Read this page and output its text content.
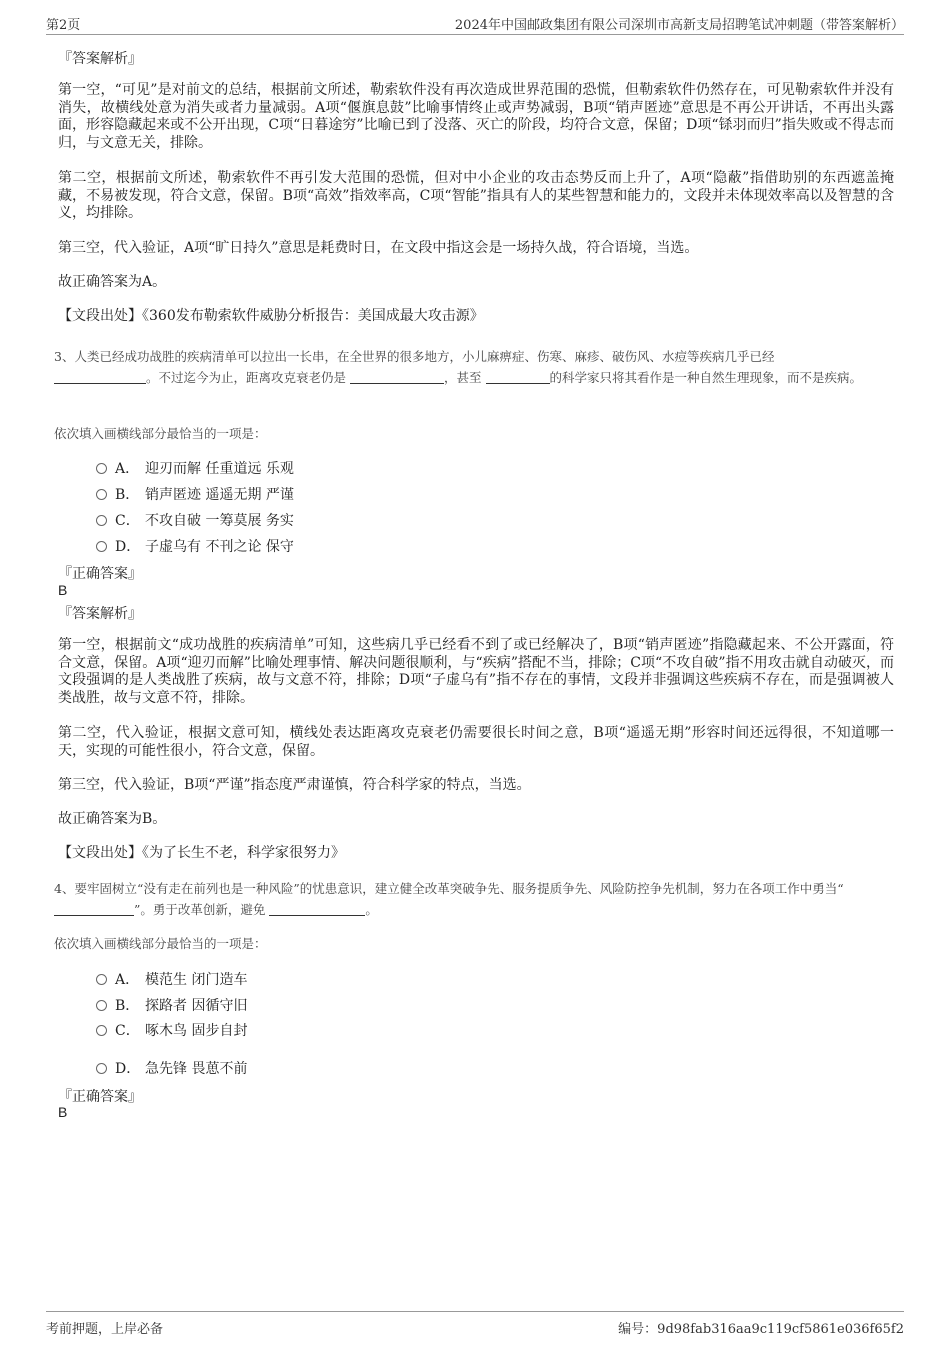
第2页	2024年中国邮政集团有限公司深圳市高新支局招聘笔试冲刺题（带答案解析）
『答案解析』
第一空，“可见”是对前文的总结，根据前文所述，勒索软件没有再次造成世界范围的恐慌，但勒索软件仍然存在，可见勒索软件并没有消失，故横线处意为消失或者力量减弱。A项“偃旗息鼓”比喻事情终止或声势减弱，B项“销声匿迹”意思是不再公开讲话，不再出头露面，形容隐藏起来或不公开出现，C项“日暮途穷”比喻已到了没落、灭亡的阶段，均符合文意，保留；D项“铩羽而归”指失败或不得志而归，与文意无关，排除。
第二空，根据前文所述，勒索软件不再引发大范围的恐慌，但对中小企业的攻击态势反而上升了，A项“隐蔽”指借助别的东西遮盖掩藏，不易被发现，符合文意，保留。B项“高效”指效率高，C项“智能”指具有人的某些智慧和能力的，文段并未体现效率高以及智慧的含义，均排除。
第三空，代入验证，A项“旷日持久”意思是耗费时日，在文段中指这会是一场持久战，符合语境，当选。
故正确答案为A。
【文段出处】《360发布勒索软件威胁分析报告：美国成最大攻击源》
3、人类已经成功战胜的疾病清单可以拉出一长串，在全世界的很多地方，小儿麻痹症、伤寒、麻疹、破伤风、水痘等疾病几乎已经
。不过迄今为止，距离攻克衰老仍是	，甚至	的科学家只将其看作是一种自然生理现象，而不是疾病。
依次填入画横线部分最恰当的一项是：
A． 迎刃而解 任重道远 乐观
B． 销声匿迹 遥遥无期 严谨
C． 不攻自破 一筹莫展 务实
D． 子虚乌有 不刊之论 保守
『正确答案』
B
『答案解析』
第一空，根据前文“成功战胜的疾病清单”可知，这些病几乎已经看不到了或已经解决了，B项“销声匿迹”指隐藏起来、不公开露面，符合文意，保留。A项“迎刃而解”比喻处理事情、解决问题很顺利，与“疾病”搭配不当，排除；C项“不攻自破”指不用攻击就自动破灭，而文段强调的是人类战胜了疾病，故与文意不符，排除；D项“子虚乌有”指不存在的事情，文段并非强调这些疾病不存在，而是强调被人类战胜，故与文意不符，排除。
第二空，代入验证，根据文意可知，横线处表达距离攻克衰老仍需要很长时间之意，B项“遥遥无期”形容时间还远得很，不知道哪一天，实现的可能性很小，符合文意，保留。
第三空，代入验证，B项“严谨”指态度严肃谨慎，符合科学家的特点，当选。
故正确答案为B。
【文段出处】《为了长生不老，科学家很努力》
4、要牢固树立“没有走在前列也是一种风险”的忧患意识，建立健全改革突破争先、服务提质争先、风险防控争先机制，努力在各项工作中勇当“
”。勇于改革创新，避免	。
依次填入画横线部分最恰当的一项是：
A． 模范生 闭门造车
B． 探路者 因循守旧
C． 啄木鸟 固步自封
D． 急先锋 畏葸不前
『正确答案』
B
考前押题，上岸必备	编号：9d98fab316aa9c119cf5861e036f65f2
